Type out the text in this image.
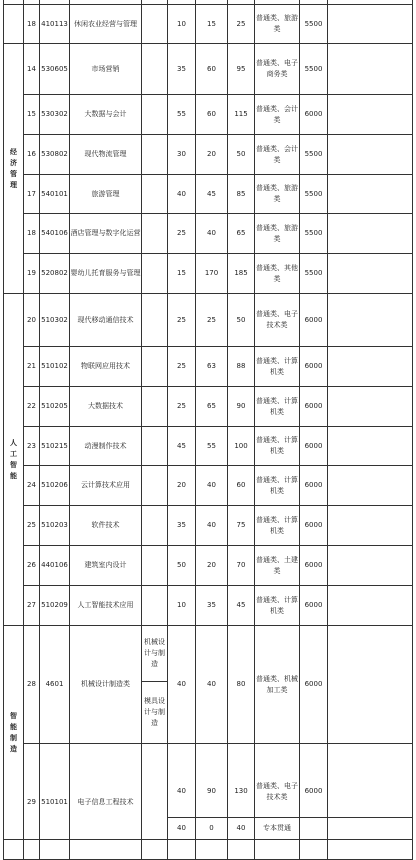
	18	410113	休闲农业经营与管理		10	15	25	普通类、旅游类	5500	

经济管理	14	530605	市场营销		35	60	95	普通类、电子商务类	5500	
	15	530302	大数据与会计		55	60	115	普通类、会计类	6000	
	16	530802	现代物流管理		30	20	50	普通类、会计类	5500	
	17	540101	旅游管理		40	45	85	普通类、旅游类	5500	
	18	540106	酒店管理与数字化运营		25	40	65	普通类、旅游类	5500	
	19	520802	婴幼儿托育服务与管理		15	170	185	普通类、其他类	5500	

人工智能	20	510302	现代移动通信技术		25	25	50	普通类、电子技术类	6000	
	21	510102	物联网应用技术		25	63	88	普通类、计算机类	6000	
	22	510205	大数据技术		25	65	90	普通类、计算机类	6000	
	23	510215	动漫制作技术		45	55	100	普通类、计算机类	6000	
	24	510206	云计算技术应用		20	40	60	普通类、计算机类	6000	
	25	510203	软件技术		35	40	75	普通类、计算机类	6000	
	26	440106	建筑室内设计		50	20	70	普通类、土建类	6000	
	27	510209	人工智能技术应用		10	35	45	普通类、计算机类	6000	

智能制造	28	4601	机械设计制造类	机械设计与制造	40	40	80	普通类、机械加工类	6000	
				模具设计与制造						
	29	510101	电子信息工程技术		40	90	130	普通类、电子技术类	6000	
					40	0	40	专本贯通		
